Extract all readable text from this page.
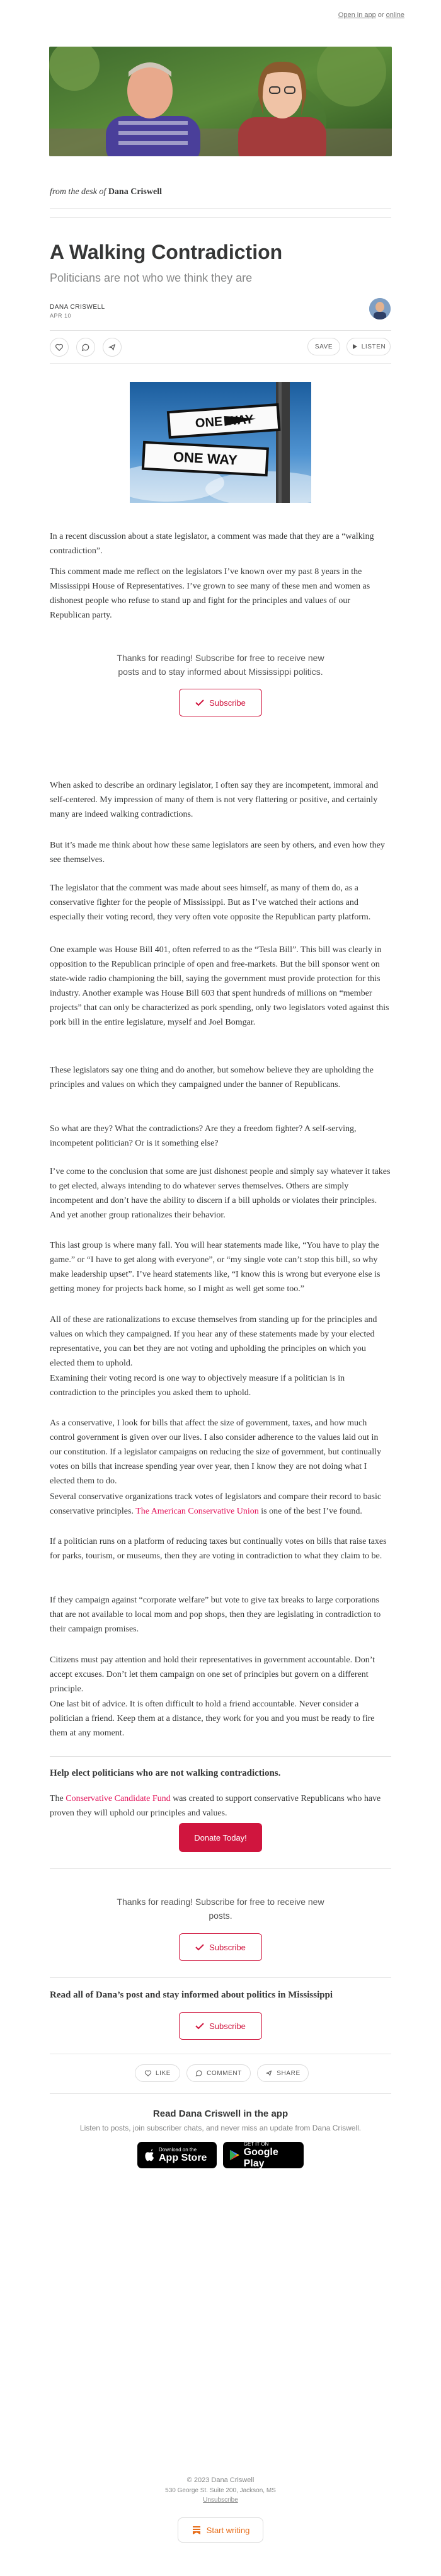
Open in app or online
from the desk of Dana Criswell
A Walking Contradiction
Politicians are not who we think they are
DANA CRISWELL
APR 10
SAVE	LISTEN
ONE WAY
ONE WAY

In a recent discussion about a state legislator, a comment was made that they are a “walking contradiction”.

This comment made me reflect on the legislators I’ve known over my past 8 years in the Mississippi House of Representatives. I’ve grown to see many of these men and women as dishonest people who refuse to stand up and fight for the principles and values of our Republican party.

Thanks for reading! Subscribe for free to receive new posts and to stay informed about Mississippi politics.
Subscribe

When asked to describe an ordinary legislator, I often say they are incompetent, immoral and self-centered. My impression of many of them is not very flattering or positive, and certainly many are indeed walking contradictions.

But it’s made me think about how these same legislators are seen by others, and even how they see themselves.

The legislator that the comment was made about sees himself, as many of them do, as a conservative fighter for the people of Mississippi. But as I’ve watched their actions and especially their voting record, they very often vote opposite the Republican party platform.

One example was House Bill 401, often referred to as the “Tesla Bill”. This bill was clearly in opposition to the Republican principle of open and free-markets. But the bill sponsor went on state-wide radio championing the bill, saying the government must provide protection for this industry. Another example was House Bill 603 that spent hundreds of millions on “member projects” that can only be characterized as pork spending, only two legislators voted against this pork bill in the entire legislature, myself and Joel Bomgar.

These legislators say one thing and do another, but somehow believe they are upholding the principles and values on which they campaigned under the banner of Republicans.

So what are they? What the contradictions? Are they a freedom fighter? A self-serving, incompetent politician? Or is it something else?

I’ve come to the conclusion that some are just dishonest people and simply say whatever it takes to get elected, always intending to do whatever serves themselves. Others are simply incompetent and don’t have the ability to discern if a bill upholds or violates their principles. And yet another group rationalizes their behavior.

This last group is where many fall. You will hear statements made like, “You have to play the game.” or “I have to get along with everyone”, or “my single vote can’t stop this bill, so why make leadership upset”. I’ve heard statements like, “I know this is wrong but everyone else is getting money for projects back home, so I might as well get some too.”

All of these are rationalizations to excuse themselves from standing up for the principles and values on which they campaigned. If you hear any of these statements made by your elected representative, you can bet they are not voting and upholding the principles on which you elected them to uphold.

Examining their voting record is one way to objectively measure if a politician is in contradiction to the principles you asked them to uphold.

As a conservative, I look for bills that affect the size of government, taxes, and how much control government is given over our lives. I also consider adherence to the values laid out in our constitution. If a legislator campaigns on reducing the size of government, but continually votes on bills that increase spending year over year, then I know they are not doing what I elected them to do.

Several conservative organizations track votes of legislators and compare their record to basic conservative principles. The American Conservative Union is one of the best I’ve found.

If a politician runs on a platform of reducing taxes but continually votes on bills that raise taxes for parks, tourism, or museums, then they are voting in contradiction to what they claim to be.

If they campaign against “corporate welfare” but vote to give tax breaks to large corporations that are not available to local mom and pop shops, then they are legislating in contradiction to their campaign promises.

Citizens must pay attention and hold their representatives in government accountable. Don’t accept excuses. Don’t let them campaign on one set of principles but govern on a different principle.

One last bit of advice. It is often difficult to hold a friend accountable. Never consider a politician a friend. Keep them at a distance, they work for you and you must be ready to fire them at any moment.

Help elect politicians who are not walking contradictions.

The Conservative Candidate Fund was created to support conservative Republicans who have proven they will uphold our principles and values.

Donate Today!
Thanks for reading! Subscribe for free to receive new posts.
Subscribe
Read all of Dana’s post and stay informed about politics in Mississippi
Subscribe
LIKE	COMMENT	SHARE
Read Dana Criswell in the app
Listen to posts, join subscriber chats, and never miss an update from Dana Criswell.
Download on the
App Store
GET IT ON
Google Play
© 2023 Dana Criswell
530 George St. Suite 200, Jackson, MS
Unsubscribe
Start writing
